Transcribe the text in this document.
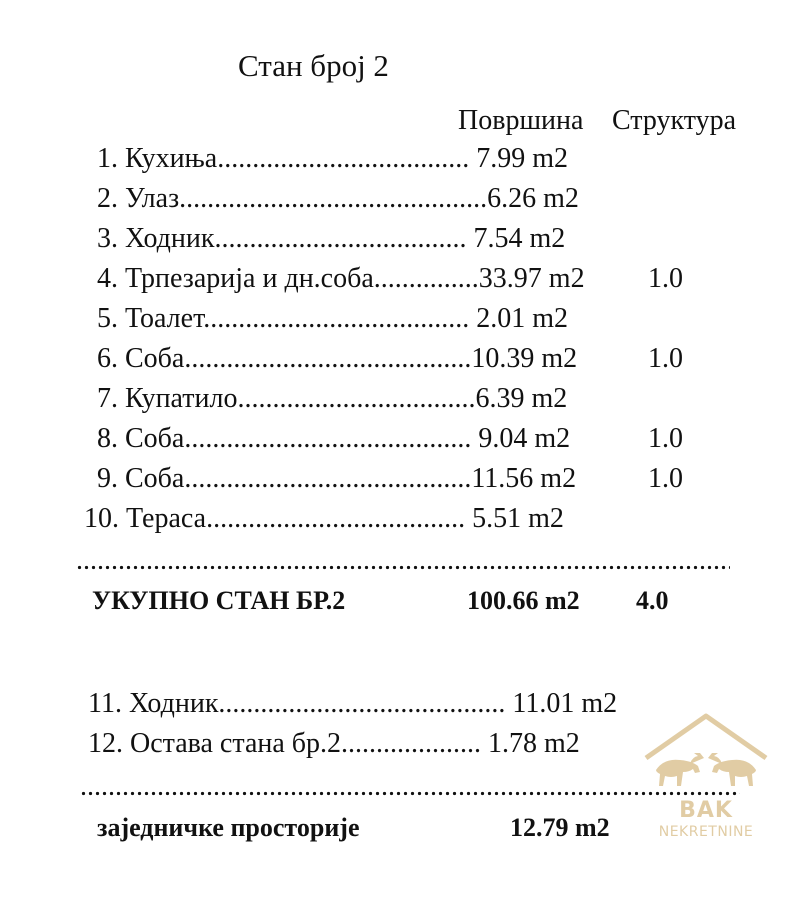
Стан број 2
Површина Структура
1. Кухиња.................................... 7.99 m2
2. Улаз............................................6.26 m2
3. Ходник.................................... 7.54 m2
4. Трпезарија и дн.соба...............33.97 m2 1.0
5. Тоалет...................................... 2.01 m2
6. Соба.........................................10.39 m2	1.0
7. Купатило..................................6.39 m2
8. Соба......................................... 9.04 m2	1.0
9. Соба.........................................11.56 m2	1.0
10. Тераса..................................... 5.51 m2
УКУПНО СТАН БР.2	100.66 m2 4.0
11. Ходник......................................... 11.01 m2
12. Остава стана бр.2.................... 1.78 m2
заједничке просторије	12.79 m2
BAK
NEKRETNINE
